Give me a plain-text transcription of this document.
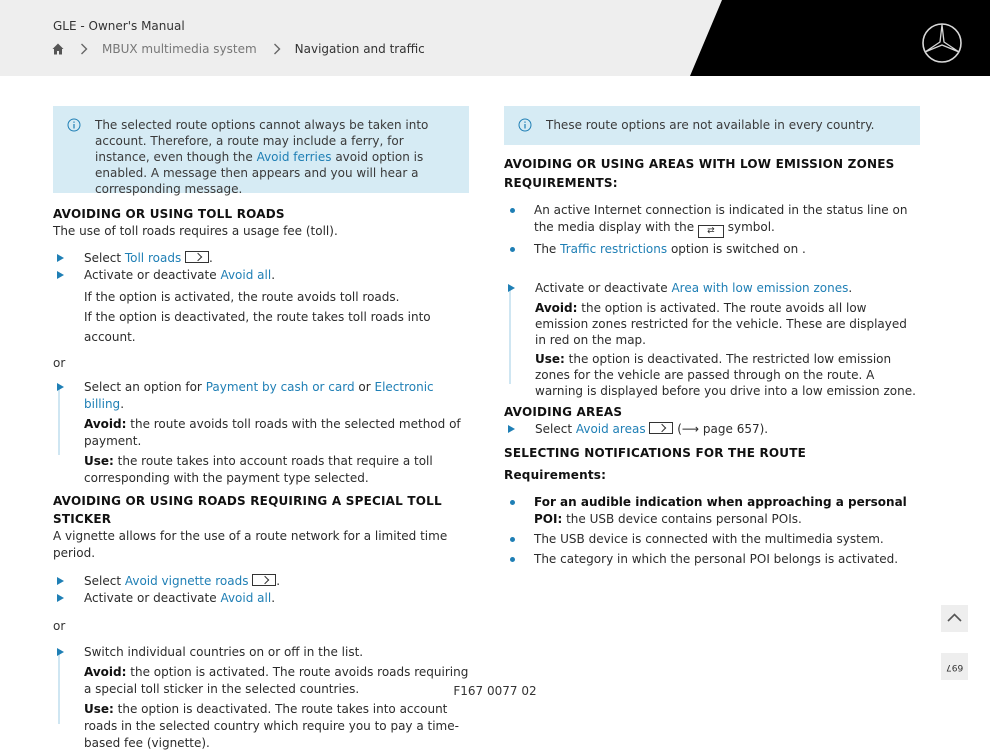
GLE - Owner's Manual
MBUX multimedia system	Navigation and traffic
The selected route options cannot always be taken into account. Therefore, a route may include a ferry, for instance, even though the Avoid ferries avoid option is enabled. A message then appears and you will hear a corresponding message.
AVOIDING OR USING TOLL ROADS
The use of toll roads requires a usage fee (toll).
Select Toll roads .
Activate or deactivate Avoid all.
If the option is activated, the route avoids toll roads.
If the option is deactivated, the route takes toll roads into account.
or
Select an option for Payment by cash or card or Electronic billing.
Avoid: the route avoids toll roads with the selected method of payment.
Use: the route takes into account roads that require a toll corresponding with the payment type selected.
AVOIDING OR USING ROADS REQUIRING A SPECIAL TOLL STICKER
A vignette allows for the use of a route network for a limited time period.
Select Avoid vignette roads .
Activate or deactivate Avoid all.
or
Switch individual countries on or off in the list.
Avoid: the option is activated. The route avoids roads requiring a special toll sticker in the selected countries.
Use: the option is deactivated. The route takes into account roads in the selected country which require you to pay a time-based fee (vignette).
These route options are not available in every country.
AVOIDING OR USING AREAS WITH LOW EMISSION ZONES
REQUIREMENTS:
An active Internet connection is indicated in the status line on the media display with the ⇄ symbol.
The Traffic restrictions option is switched on .
Activate or deactivate Area with low emission zones.
Avoid: the option is activated. The route avoids all low emission zones restricted for the vehicle. These are displayed in red on the map.
Use: the option is deactivated. The restricted low emission zones for the vehicle are passed through on the route. A warning is displayed before you drive into a low emission zone.
AVOIDING AREAS
Select Avoid areas  (⟶ page 657).
SELECTING NOTIFICATIONS FOR THE ROUTE
Requirements:
For an audible indication when approaching a personal POI: the USB device contains personal POIs.
The USB device is connected with the multimedia system.
The category in which the personal POI belongs is activated.
697
F167 0077 02
